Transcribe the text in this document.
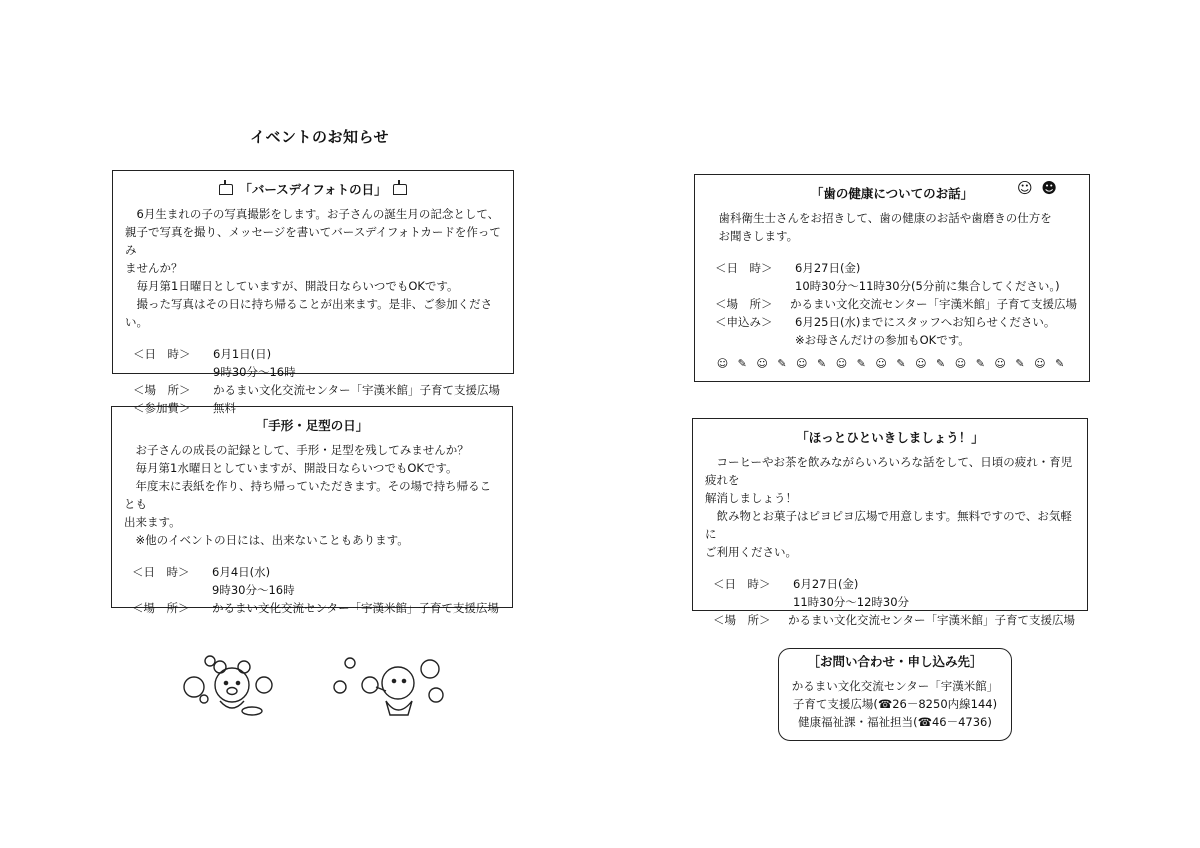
イベントのお知らせ
「バースデイフォトの日」

6月生まれの子の写真撮影をします。お子さんの誕生月の記念として、

親子で写真を撮り、メッセージを書いてバースデイフォトカードを作ってみ

ませんか？

毎月第1日曜日としていますが、開設日ならいつでもOKです。

撮った写真はその日に持ち帰ることが出来ます。是非、ご参加ください。

＜日　時＞	6月1日(日)
9時30分～16時
＜場　所＞	かるまい文化交流センター「宇漢米館」子育て支援広場
＜参加費＞	無料
「手形・足型の日」

お子さんの成長の記録として、手形・足型を残してみませんか？

毎月第1水曜日としていますが、開設日ならいつでもOKです。

年度末に表紙を作り、持ち帰っていただきます。その場で持ち帰ることも

出来ます。

※他のイベントの日には、出来ないこともあります。

＜日　時＞	6月4日(水)
9時30分～16時
＜場　所＞	かるまい文化交流センター「宇漢米館」子育て支援広場
☺ ☻
「歯の健康についてのお話」

歯科衛生士さんをお招きして、歯の健康のお話や歯磨きの仕方を

お聞きします。

＜日　時＞	6月27日(金)
10時30分～11時30分(5分前に集合してください。)
＜場　所＞	かるまい文化交流センター「宇漢米館」子育て支援広場
＜申込み＞	6月25日(水)までにスタッフへお知らせください。
※お母さんだけの参加もOKです。
☺ ✎ ☺ ✎ ☺ ✎ ☺ ✎ ☺ ✎ ☺ ✎ ☺ ✎ ☺ ✎ ☺ ✎
「ほっとひといきしましょう！」

コーヒーやお茶を飲みながらいろいろな話をして、日頃の疲れ・育児疲れを

解消しましょう！

飲み物とお菓子はピヨピヨ広場で用意します。無料ですので、お気軽に

ご利用ください。

＜日　時＞	6月27日(金)
11時30分～12時30分
＜場　所＞	かるまい文化交流センター「宇漢米館」子育て支援広場
［お問い合わせ・申し込み先］
かるまい文化交流センター「宇漢米館」
子育て支援広場(☎26－8250内線144)
健康福祉課・福祉担当(☎46－4736)
